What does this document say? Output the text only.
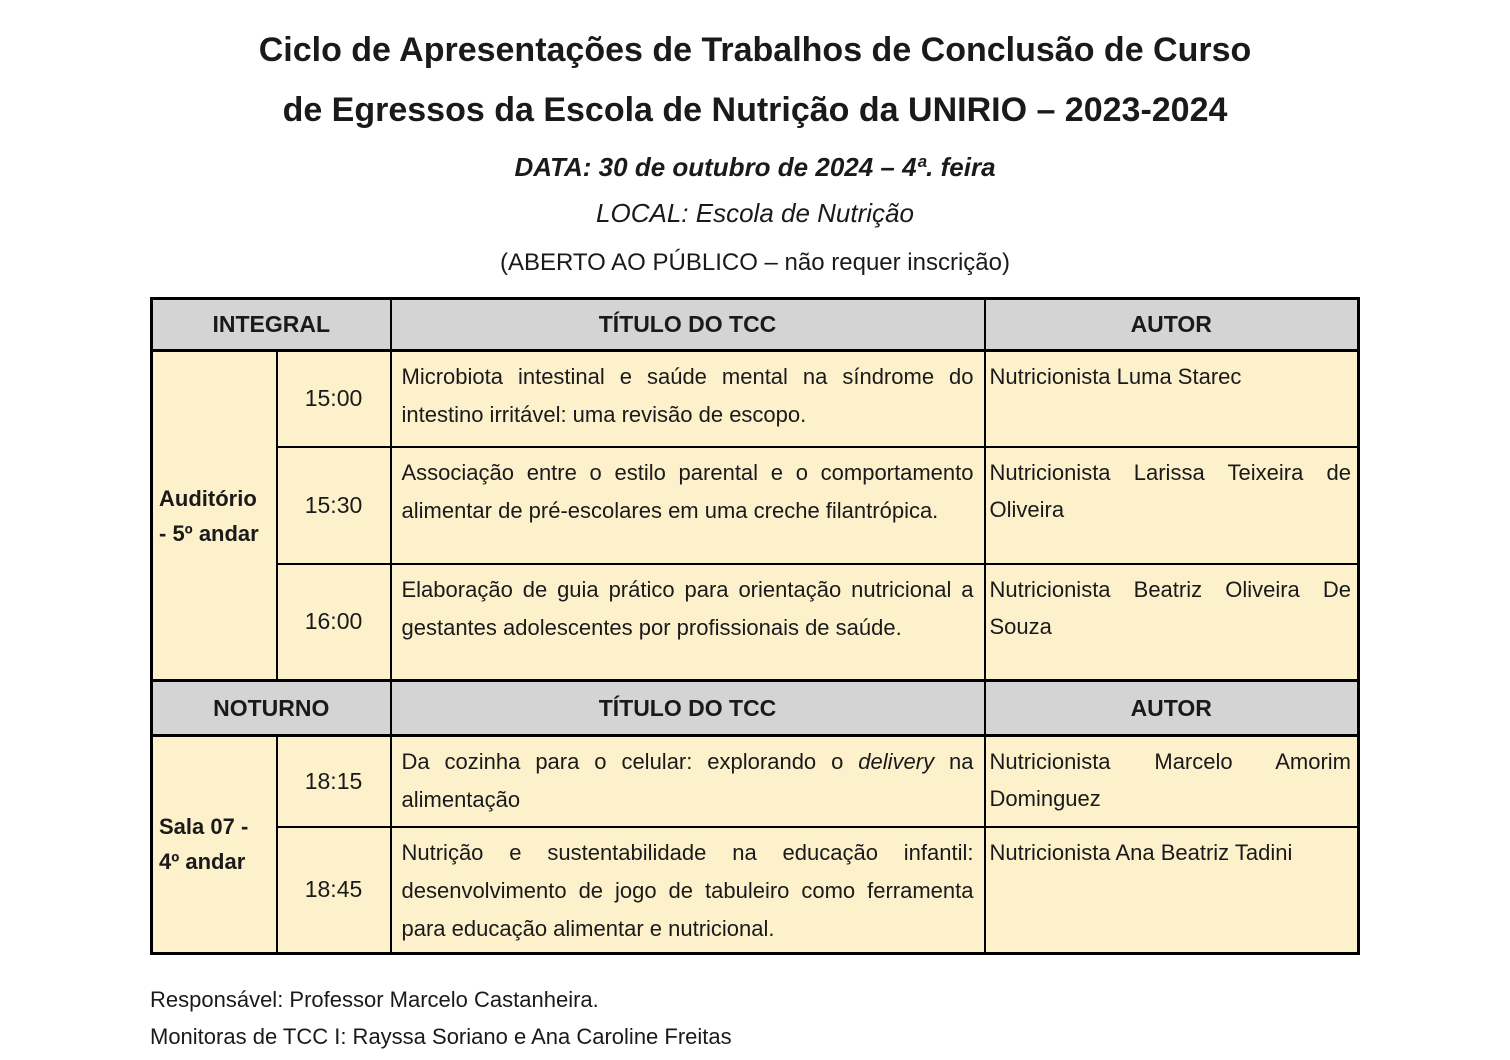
Ciclo de Apresentações de Trabalhos de Conclusão de Curso
de Egressos da Escola de Nutrição da UNIRIO – 2023-2024
DATA: 30 de outubro de 2024 – 4ª. feira
LOCAL: Escola de Nutrição
(ABERTO AO PÚBLICO – não requer inscrição)
INTEGRAL		TÍTULO DO TCC	AUTOR

Auditório
- 5º andar	15:00	Microbiota intestinal e saúde mental na síndrome do intestino irritável: uma revisão de escopo.	Nutricionista Luma Starec
	15:30	Associação entre o estilo parental e o comportamento alimentar de pré-escolares em uma creche filantrópica.	Nutricionista Larissa Teixeira de Oliveira
	16:00	Elaboração de guia prático para orientação nutricional a gestantes adolescentes por profissionais de saúde.	Nutricionista Beatriz Oliveira De Souza
NOTURNO		TÍTULO DO TCC	AUTOR

Sala 07 -
4º andar	18:15	Da cozinha para o celular: explorando o delivery na alimentação	Nutricionista Marcelo Amorim Dominguez
	18:45	Nutrição e sustentabilidade na educação infantil: desenvolvimento de jogo de tabuleiro como ferramenta para educação alimentar e nutricional.	Nutricionista Ana Beatriz Tadini
Responsável: Professor Marcelo Castanheira.
Monitoras de TCC I: Rayssa Soriano e Ana Caroline Freitas
